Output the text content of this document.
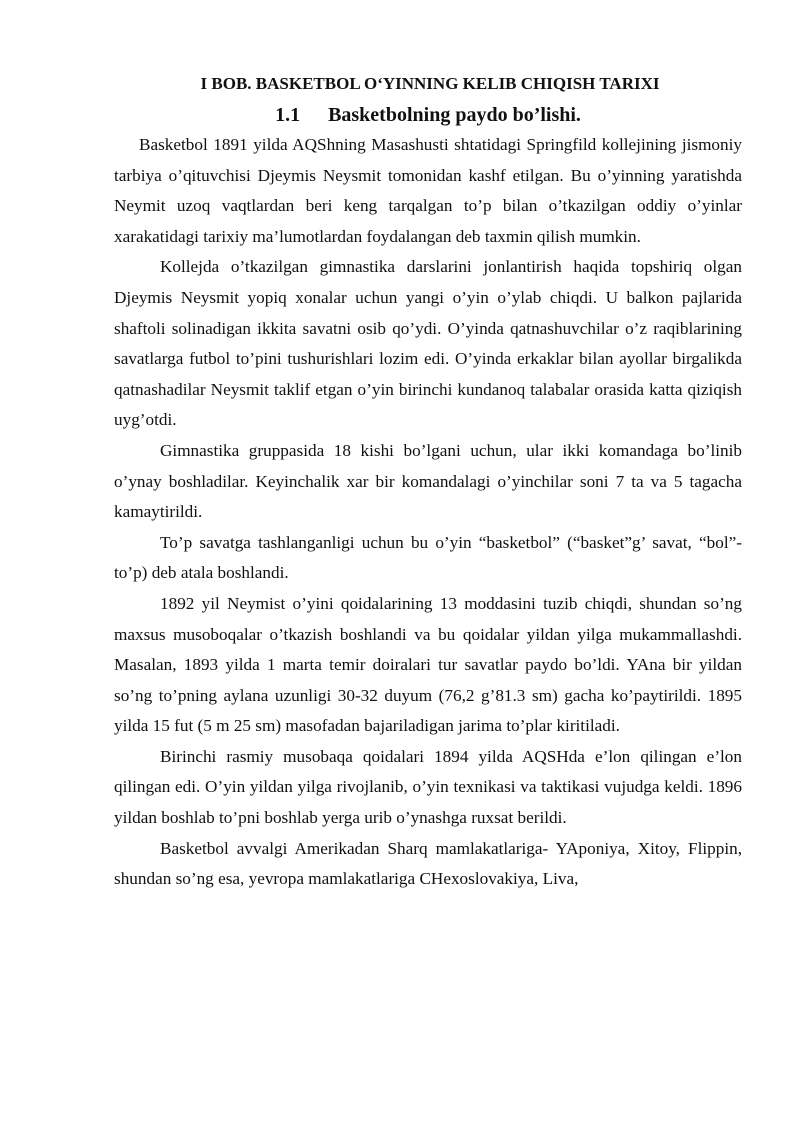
I BOB. BASKETBOL O‘YINNING KELIB CHIQISH TARIXI
1.1 Basketbolning paydo bo’lishi.

Basketbol 1891 yilda AQShning Masashusti shtatidagi Springfild kollejining jismoniy tarbiya o’qituvchisi Djeymis Neysmit tomonidan kashf etilgan. Bu o’yinning yaratishda Neymit uzoq vaqtlardan beri keng tarqalgan to’p bilan o’tkazilgan oddiy o’yinlar xarakatidagi tarixiy ma’lumotlardan foydalangan deb taxmin qilish mumkin.

Kollejda o’tkazilgan gimnastika darslarini jonlantirish haqida topshiriq olgan Djeymis Neysmit yopiq xonalar uchun yangi o’yin o’ylab chiqdi. U balkon pajlarida shaftoli solinadigan ikkita savatni osib qo’ydi. O’yinda qatnashuvchilar o’z raqiblarining savatlarga futbol to’pini tushurishlari lozim edi. O’yinda erkaklar bilan ayollar birgalikda qatnashadilar Neysmit taklif etgan o’yin birinchi kundanoq talabalar orasida katta qiziqish uyg’otdi.

Gimnastika gruppasida 18 kishi bo’lgani uchun, ular ikki komandaga bo’linib o’ynay boshladilar. Keyinchalik xar bir komandalagi o’yinchilar soni 7 ta va 5 tagacha kamaytirildi.

To’p savatga tashlanganligi uchun bu o’yin “basketbol” (“basket”g’ savat, “bol”-to’p) deb atala boshlandi.

1892 yil Neymist o’yini qoidalarining 13 moddasini tuzib chiqdi, shundan so’ng maxsus musoboqalar o’tkazish boshlandi va bu qoidalar yildan yilga mukammallashdi. Masalan, 1893 yilda 1 marta temir doiralari tur savatlar paydo bo’ldi. YAna bir yildan so’ng to’pning aylana uzunligi 30-32 duyum (76,2 g’81.3 sm) gacha ko’paytirildi. 1895 yilda 15 fut (5 m 25 sm) masofadan bajariladigan jarima to’plar kiritiladi.

Birinchi rasmiy musobaqa qoidalari 1894 yilda AQSHda e’lon qilingan e’lon qilingan edi. O’yin yildan yilga rivojlanib, o’yin texnikasi va taktikasi vujudga keldi. 1896 yildan boshlab to’pni boshlab yerga urib o’ynashga ruxsat berildi.

Basketbol avvalgi Amerikadan Sharq mamlakatlariga- YAponiya, Xitoy, Flippin, shundan so’ng esa, yevropa mamlakatlariga CHexoslovakiya, Liva,
